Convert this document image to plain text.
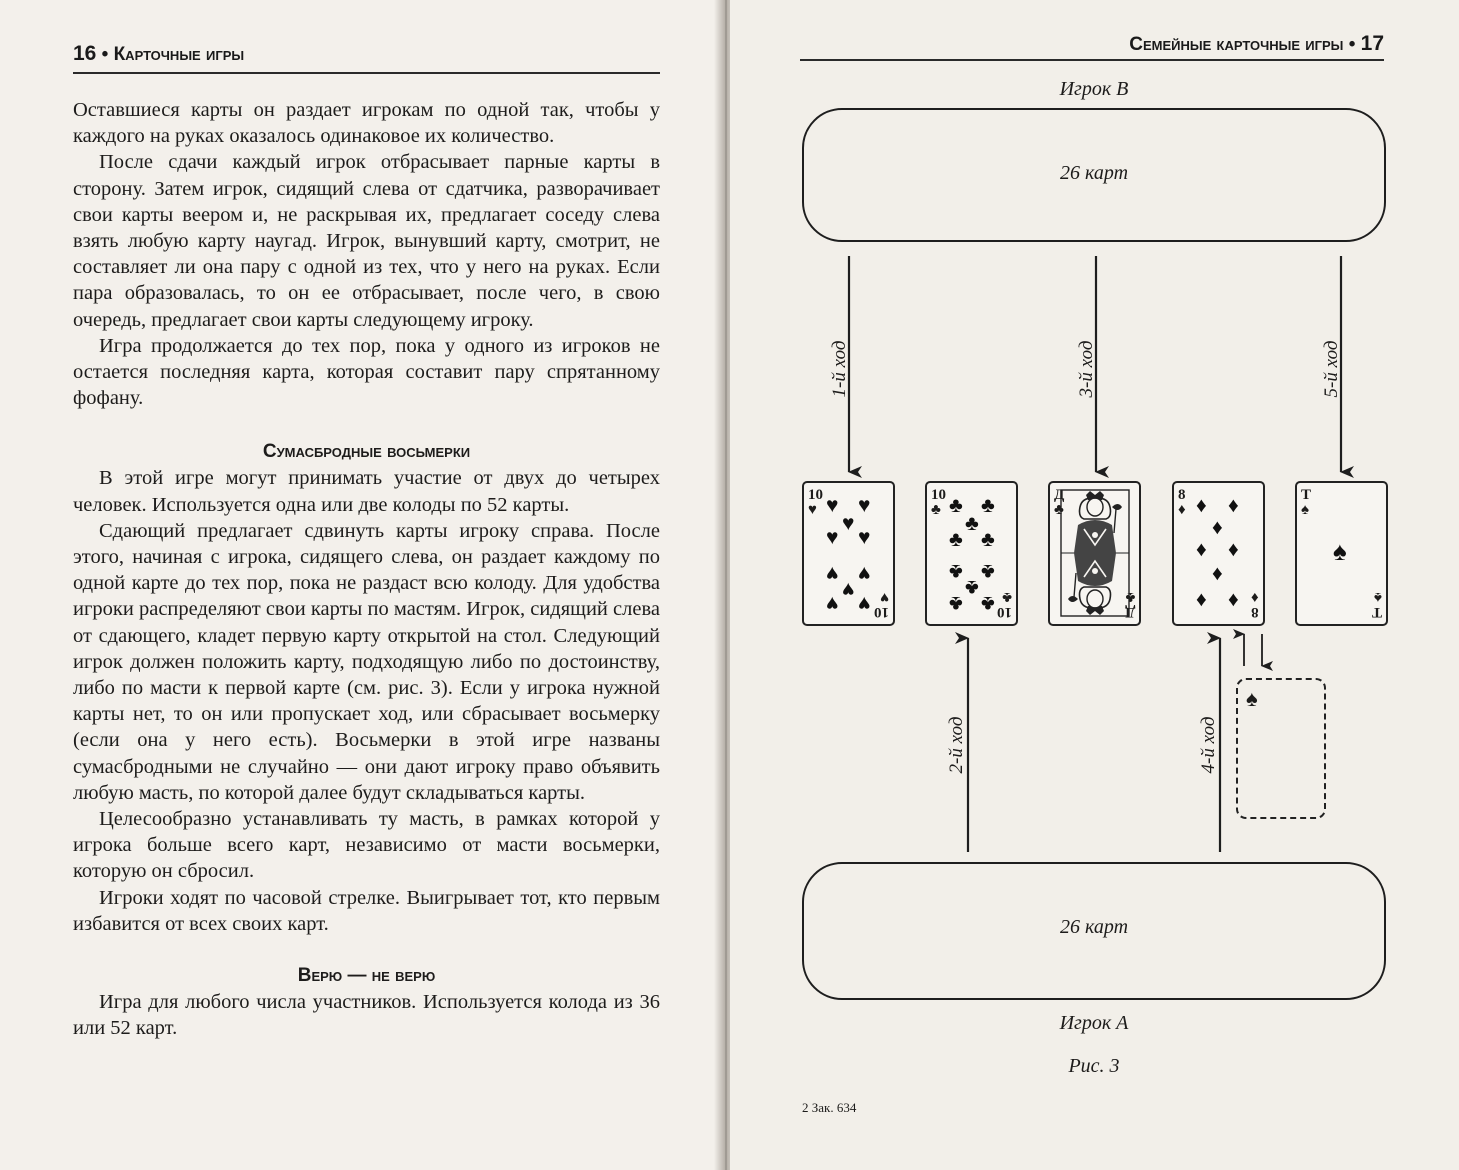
16 • Карточные игры

Оставшиеся карты он раздает игрокам по одной так, чтобы у каждого на руках оказалось одинаковое их количество.

После сдачи каждый игрок отбрасывает парные карты в сторону. Затем игрок, сидящий слева от сдатчика, разворачивает свои карты веером и, не раскрывая их, предлагает соседу слева взять любую карту наугад. Игрок, вынувший карту, смотрит, не составляет ли она пару с одной из тех, что у него на руках. Если пара образовалась, то он ее отбрасывает, после чего, в свою очередь, предлагает свои карты следующему игроку.

Игра продолжается до тех пор, пока у одного из игроков не остается последняя карта, которая составит пару спрятанному фофану.

Сумасбродные восьмерки

В этой игре могут принимать участие от двух до четырех человек. Используется одна или две колоды по 52 карты.

Сдающий предлагает сдвинуть карты игроку справа. После этого, начиная с игрока, сидящего слева, он раздает каждому по одной карте до тех пор, пока не раздаст всю колоду. Для удобства игроки распределяют свои карты по мастям. Игрок, сидящий слева от сдающего, кладет первую карту открытой на стол. Следующий игрок должен положить карту, подходящую либо по достоинству, либо по масти к первой карте (см. рис. 3). Если у игрока нужной карты нет, то он или пропускает ход, или сбрасывает восьмерку (если она у него есть). Восьмерки в этой игре названы сумасбродными не случайно — они дают игроку право объявить любую масть, по которой далее будут складываться карты.

Целесообразно устанавливать ту масть, в рамках которой у игрока больше всего карт, независимо от масти восьмерки, которую он сбросил.

Игроки ходят по часовой стрелке. Выигрывает тот, кто первым избавится от всех своих карт.

Верю — не верю

Игра для любого числа участников. Используется колода из 36 или 52 карт.

Семейные карточные игры • 17
Игрок В
26 карт
1-й ход	3-й ход	5-й ход
2-й ход	4-й ход
10
♥
10
♥
♥ ♥
♥
♥ ♥
♥ ♥
♥
♥ ♥
10
♣
10
♣
♣ ♣
♣
♣ ♣
♣ ♣
♣
♣ ♣
Д
♣
Д
♣
8
♦
8
♦
♦ ♦
♦
♦ ♦
♦
♦ ♦
Т
♠
Т
♠
♠
♠
26 карт
Игрок А
Рис. 3
2 Зак. 634
